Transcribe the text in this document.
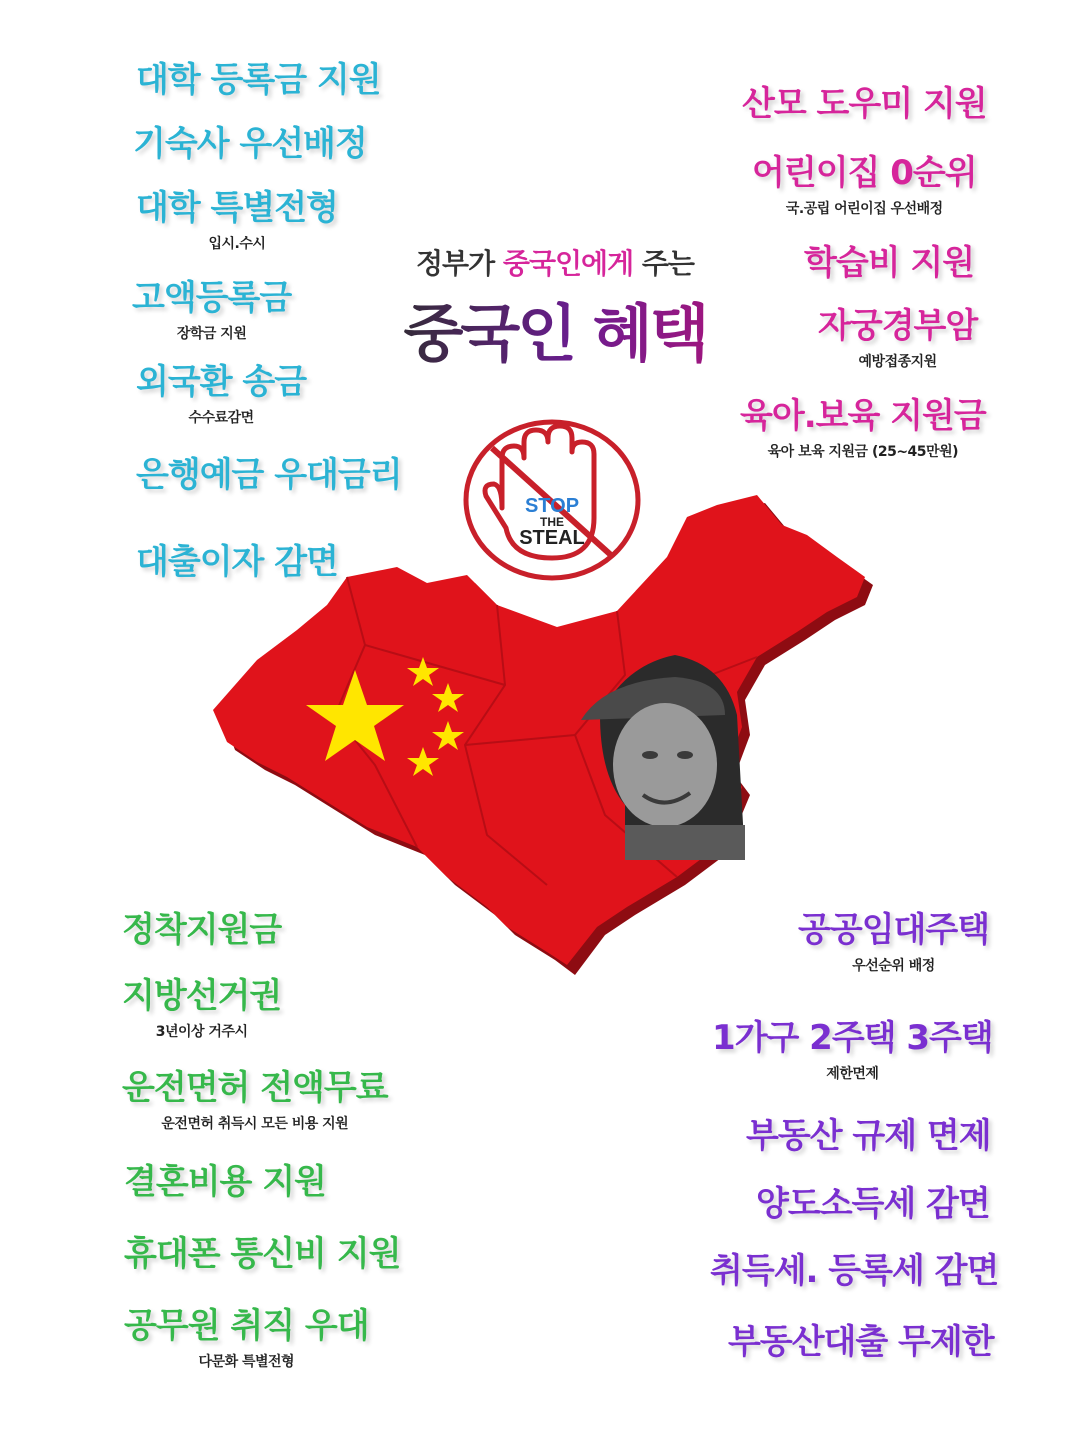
대학 등록금 지원
기숙사 우선배정
대학 특별전형
입시.수시
고액등록금
장학금 지원
외국환 송금
수수료감면
은행예금 우대금리
대출이자 감면
산모 도우미 지원
어린이집 0순위
국.공립 어린이집 우선배정
학습비 지원
자궁경부암
예방접종지원
육아.보육 지원금
육아 보육 지원금 (25~45만원)
정부가 중국인에게 주는
중국인 혜택
STOP
THE
STEAL
정착지원금
지방선거권
3년이상 거주시
운전면허 전액무료
운전면허 취득시 모든 비용 지원
결혼비용 지원
휴대폰 통신비 지원
공무원 취직 우대
다문화 특별전형
공공임대주택
우선순위 배정
1가구 2주택 3주택
제한면제
부동산 규제 면제
양도소득세 감면
취득세. 등록세 감면
부동산대출 무제한
